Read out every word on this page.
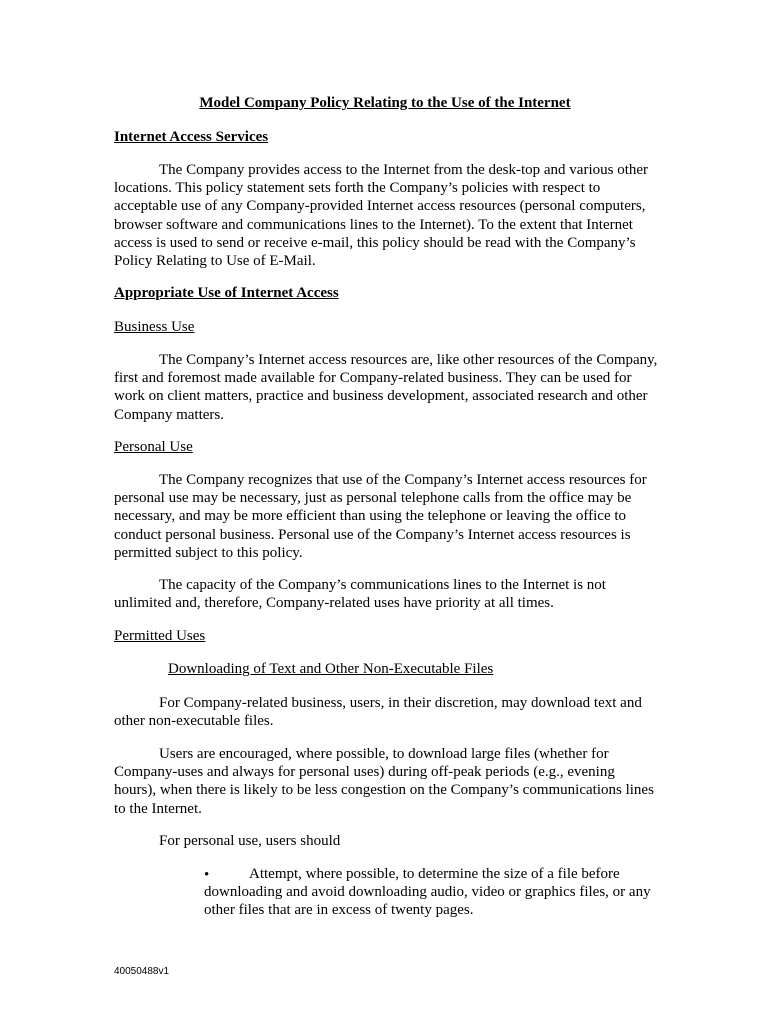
Model Company Policy Relating to the Use of the Internet
Internet Access Services
The Company provides access to the Internet from the desk-top and various other locations. This policy statement sets forth the Company’s policies with respect to acceptable use of any Company-provided Internet access resources (personal computers, browser software and communications lines to the Internet). To the extent that Internet access is used to send or receive e-mail, this policy should be read with the Company’s Policy Relating to Use of E-Mail.
Appropriate Use of Internet Access
Business Use
The Company’s Internet access resources are, like other resources of the Company, first and foremost made available for Company-related business. They can be used for work on client matters, practice and business development, associated research and other Company matters.
Personal Use
The Company recognizes that use of the Company’s Internet access resources for personal use may be necessary, just as personal telephone calls from the office may be necessary, and may be more efficient than using the telephone or leaving the office to conduct personal business. Personal use of the Company’s Internet access resources is permitted subject to this policy.
The capacity of the Company’s communications lines to the Internet is not unlimited and, therefore, Company-related uses have priority at all times.
Permitted Uses
Downloading of Text and Other Non-Executable Files
For Company-related business, users, in their discretion, may download text and other non-executable files.
Users are encouraged, where possible, to download large files (whether for Company-uses and always for personal uses) during off-peak periods (e.g., evening hours), when there is likely to be less congestion on the Company’s communications lines to the Internet.
For personal use, users should
•	Attempt, where possible, to determine the size of a file before downloading and avoid downloading audio, video or graphics files, or any other files that are in excess of twenty pages.
40050488v1
